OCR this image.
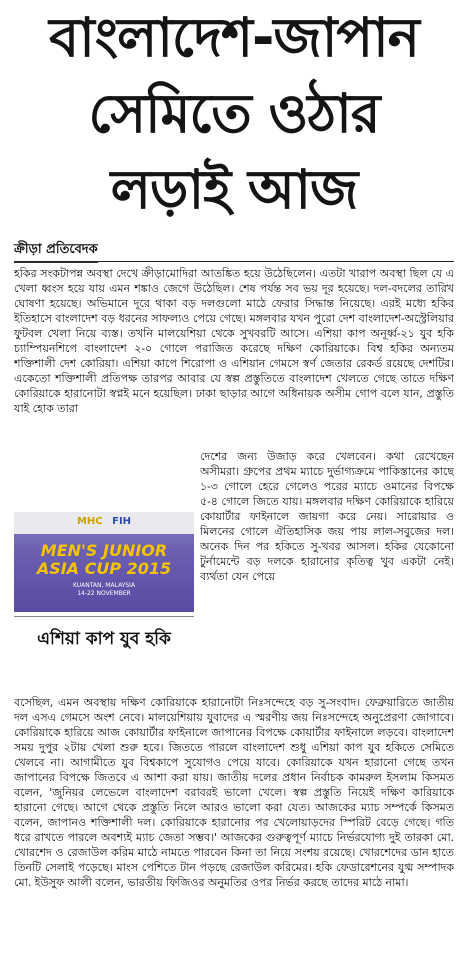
বাংলাদেশ-জাপান
সেমিতে ওঠার
লড়াই আজ
ক্রীড়া প্রতিবেদক

হকির সংকটাপন্ন অবস্থা দেখে ক্রীড়ামোদিরা আতঙ্কিত হয়ে উঠেছিলেন। এতটা খারাপ অবস্থা ছিল যে এ খেলা ধ্বংস হয়ে যায় এমন শঙ্কাও জেগে উঠেছিল। শেষ পর্যন্ত সব ভয় দূর হয়েছে। দল-বদলের তারিখ ঘোষণা হয়েছে। অভিমানে দূরে থাকা বড় দলগুলো মাঠে ফেরার সিদ্ধান্ত নিয়েছে। এরই মধ্যে হকির ইতিহাসে বাংলাদেশ বড় ধরনের সাফল্যও পেয়ে গেছে। মঙ্গলবার যখন পুরো দেশ বাংলাদেশ-অস্ট্রেলিয়ার ফুটবল খেলা নিয়ে ব্যস্ত। তখনি মালয়েশিয়া থেকে সুখবরটি আসে। এশিয়া কাপ অনূর্ধ্ব-২১ যুব হকি চ্যাম্পিয়নশিপে বাংলাদেশ ২-০ গোলে পরাজিত করেছে দক্ষিণ কোরিয়াকে। বিশ্ব হকির অন্যতম শক্তিশালী দেশ কোরিয়া। এশিয়া কাপে শিরোপা ও এশিয়ান গেমসে স্বর্ণ জেতার রেকর্ড রয়েছে দেশটির। একেতো শক্তিশালী প্রতিপক্ষ তারপর আবার যে স্বল্প প্রস্তুতিতে বাংলাদেশ খেলতে গেছে তাতে দক্ষিণ কোরিয়াকে হারানোটা স্বপ্নই মনে হয়েছিল। ঢাকা ছাড়ার আগে অধিনায়ক অসীম গোপ বলে যান, প্রস্তুতি যাই হোক তারা

MHC FIH
MEN'S JUNIOR ASIA CUP 2015
KUANTAN, MALAYSIA
14-22 NOVEMBER
এশিয়া কাপ যুব হকি

দেশের জন্য উজাড় করে খেলবেন। কথা রেখেছেন অসীমরা। গ্রুপের প্রথম ম্যাচে দুর্ভাগ্যক্রমে পাকিস্তানের কাছে ১-৩ গোলে হেরে গেলেও পরের ম্যাচে ওমানের বিপক্ষে ৫-৪ গোলে জিতে যায়। মঙ্গলবার দক্ষিণ কোরিয়াকে হারিয়ে কোয়ার্টার ফাইনালে জায়গা করে নেয়। সারোয়ার ও মিলনের গোলে ঐতিহাসিক জয় পায় লাল-সবুজের দল। অনেক দিন পর হকিতে সু-খবর আসল। হকির যেকোনো টুর্নামেন্টে বড় দলকে হারানোর কৃতিত্ব খুব একটা নেই। ব্যর্থতা যেন পেয়ে

বসেছিল, এমন অবস্থায় দক্ষিণ কোরিয়াকে হারানোটা নিঃসন্দেহে বড় সু-সংবাদ। ফেব্রুয়ারিতে জাতীয় দল এসএ গেমসে অংশ নেবে। মালয়েশিয়ায় যুবাদের এ স্মরণীয় জয় নিঃসন্দেহে অনুপ্রেরণা জোগাবে। কোরিয়াকে হারিয়ে আজ কোয়ার্টার ফাইনালে জাপানের বিপক্ষে কোয়ার্টার ফাইনালে লড়বে। বাংলাদেশ সময় দুপুর ২টায় খেলা শুরু হবে। জিততে পারলে বাংলাদেশ শুধু এশিয়া কাপ যুব হকিতে সেমিতে খেলবে না। আগামীতে যুব বিশ্বকাপে সুযোগও পেয়ে যাবে। কোরিয়াকে যখন হারানো গেছে তখন জাপানের বিপক্ষে জিতবে এ আশা করা যায়। জাতীয় দলের প্রধান নির্বাচক কামরুল ইসলাম কিসমত বলেন, 'জুনিয়র লেভেলে বাংলাদেশ বরাবরই ভালো খেলে। স্বল্প প্রস্তুতি নিয়েই দক্ষিণ কারিয়াকে হারানো গেছে। আগে থেকে প্রস্তুতি নিলে আরও ভালো করা যেত। আজকের ম্যাচ সম্পর্কে কিসমত বলেন, জাপানও শক্তিশালী দল। কোরিয়াকে হারানোর পর খেলোয়াড়দের স্পিরিট বেড়ে গেছে। গতি ধরে রাখতে পারলে অবশ্যই ম্যাচ জেতা সম্ভব।' আজকের গুরুত্বপূর্ণ ম্যাচে নির্ভরযোগ্য দুই তারকা মো. খোরশেদ ও রেজাউল করিম মাঠে নামতে পারবেন কিনা তা নিয়ে সংশয় রয়েছে। খোরশেদের ডান হাতে তিনটি সেলাই পড়েছে। মাংস পেশিতে টান পড়ছে রেজাউল করিমের। হকি ফেডারেশনের যুগ্ম সম্পাদক মো. ইউসুফ আলী বলেন, ভারতীয় ফিজিওর অনুমতির ওপর নির্ভর করছে তাদের মাঠে নামা।
